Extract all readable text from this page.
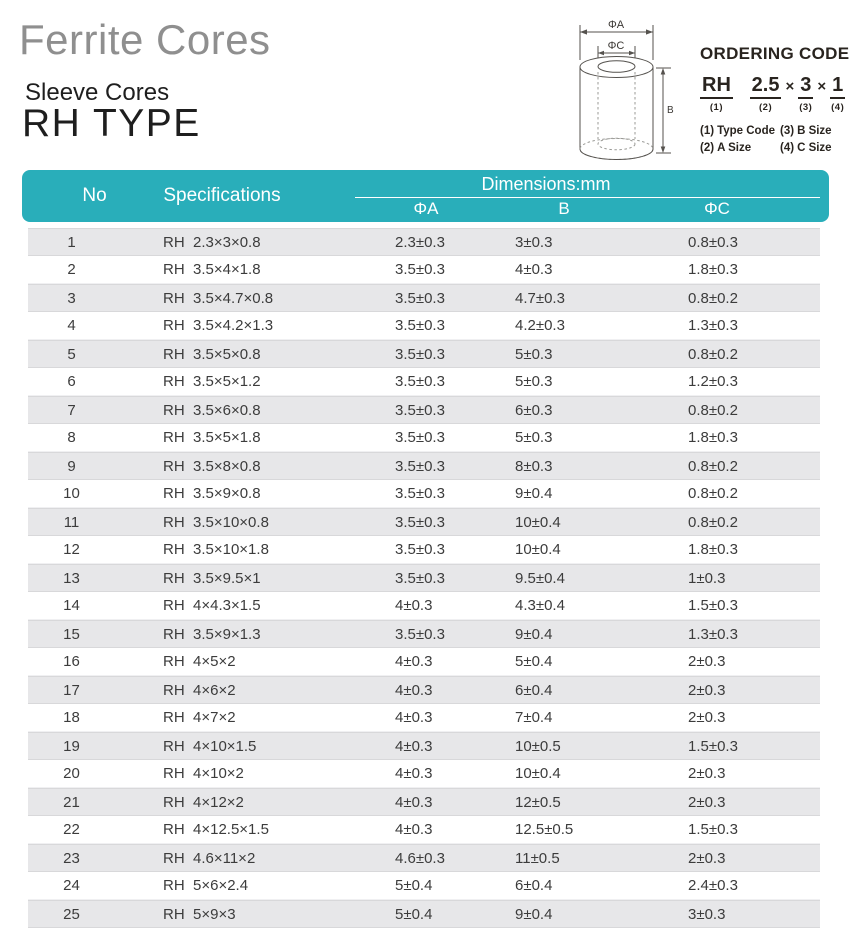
Ferrite Cores
Sleeve Cores
RH TYPE
ΦA
ΦC
B
ORDERING CODE
RH
(1)
2.5
(2)
× 3
(3)
× 1
(4)
(1) Type Code (3) B Size
(2) A Size	(4) C Size
No	Specifications
Dimensions:mm
ΦA	B	ΦC
1	RH  2.3×3×0.8	2.3±0.3	3±0.3	0.8±0.3
2	RH  3.5×4×1.8	3.5±0.3	4±0.3	1.8±0.3
3	RH  3.5×4.7×0.8	3.5±0.3	4.7±0.3	0.8±0.2
4	RH  3.5×4.2×1.3	3.5±0.3	4.2±0.3	1.3±0.3
5	RH  3.5×5×0.8	3.5±0.3	5±0.3	0.8±0.2
6	RH  3.5×5×1.2	3.5±0.3	5±0.3	1.2±0.3
7	RH  3.5×6×0.8	3.5±0.3	6±0.3	0.8±0.2
8	RH  3.5×5×1.8	3.5±0.3	5±0.3	1.8±0.3
9	RH  3.5×8×0.8	3.5±0.3	8±0.3	0.8±0.2
10	RH  3.5×9×0.8	3.5±0.3	9±0.4	0.8±0.2
11	RH  3.5×10×0.8	3.5±0.3	10±0.4	0.8±0.2
12	RH  3.5×10×1.8	3.5±0.3	10±0.4	1.8±0.3
13	RH  3.5×9.5×1	3.5±0.3	9.5±0.4	1±0.3
14	RH  4×4.3×1.5	4±0.3	4.3±0.4	1.5±0.3
15	RH  3.5×9×1.3	3.5±0.3	9±0.4	1.3±0.3
16	RH  4×5×2	4±0.3	5±0.4	2±0.3
17	RH  4×6×2	4±0.3	6±0.4	2±0.3
18	RH  4×7×2	4±0.3	7±0.4	2±0.3
19	RH  4×10×1.5	4±0.3	10±0.5	1.5±0.3
20	RH  4×10×2	4±0.3	10±0.4	2±0.3
21	RH  4×12×2	4±0.3	12±0.5	2±0.3
22	RH  4×12.5×1.5	4±0.3	12.5±0.5	1.5±0.3
23	RH  4.6×11×2	4.6±0.3	11±0.5	2±0.3
24	RH  5×6×2.4	5±0.4	6±0.4	2.4±0.3
25	RH  5×9×3	5±0.4	9±0.4	3±0.3
